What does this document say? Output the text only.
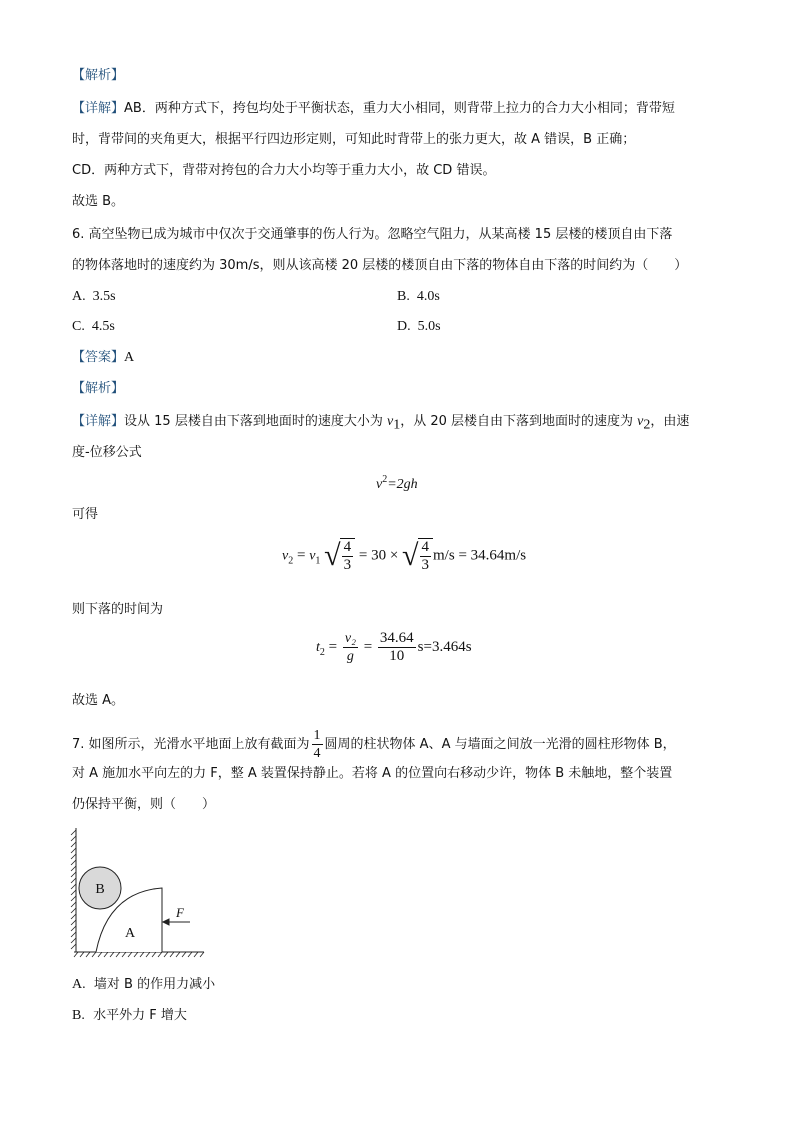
【解析】
【详解】AB．两种方式下，挎包均处于平衡状态，重力大小相同，则背带上拉力的合力大小相同；背带短
时，背带间的夹角更大，根据平行四边形定则，可知此时背带上的张力更大，故 A 错误，B 正确；
CD．两种方式下，背带对挎包的合力大小均等于重力大小，故 CD 错误。
故选 B。
6. 高空坠物已成为城市中仅次于交通肇事的伤人行为。忽略空气阻力，从某高楼 15 层楼的楼顶自由下落
的物体落地时的速度约为 30m/s，则从该高楼 20 层楼的楼顶自由下落的物体自由下落的时间约为（　　）
A. 3.5s	B. 4.0s
C. 4.5s	D. 5.0s
【答案】A
【解析】
【详解】设从 15 层楼自由下落到地面时的速度大小为 $v_1$，从 20 层楼自由下落到地面时的速度为 $v_2$，由速
度-位移公式
$v^2=2gh$
可得
$v_2 = v_1$ √ $\frac{4}{3} = 30$ × √ $\frac{4}{3} m/s = 34.64m/s$
则下落的时间为
$t_2 = \frac{\text{v₂}}{g} = \frac{34.64}{10} s=3.464s$
故选 A。
7. 如图所示，光滑水平地面上放有截面为 $\frac{1}{4}$ 圆周的柱状物体 A、A 与墙面之间放一光滑的圆柱形物体 B，
对 A 施加水平向左的力 F，整 A 装置保持静止。若将 A 的位置向右移动少许，物体 B 未触地，整个装置
仍保持平衡，则（　　）
B
A
F
A. 墙对 B 的作用力减小
B. 水平外力 F 增大
